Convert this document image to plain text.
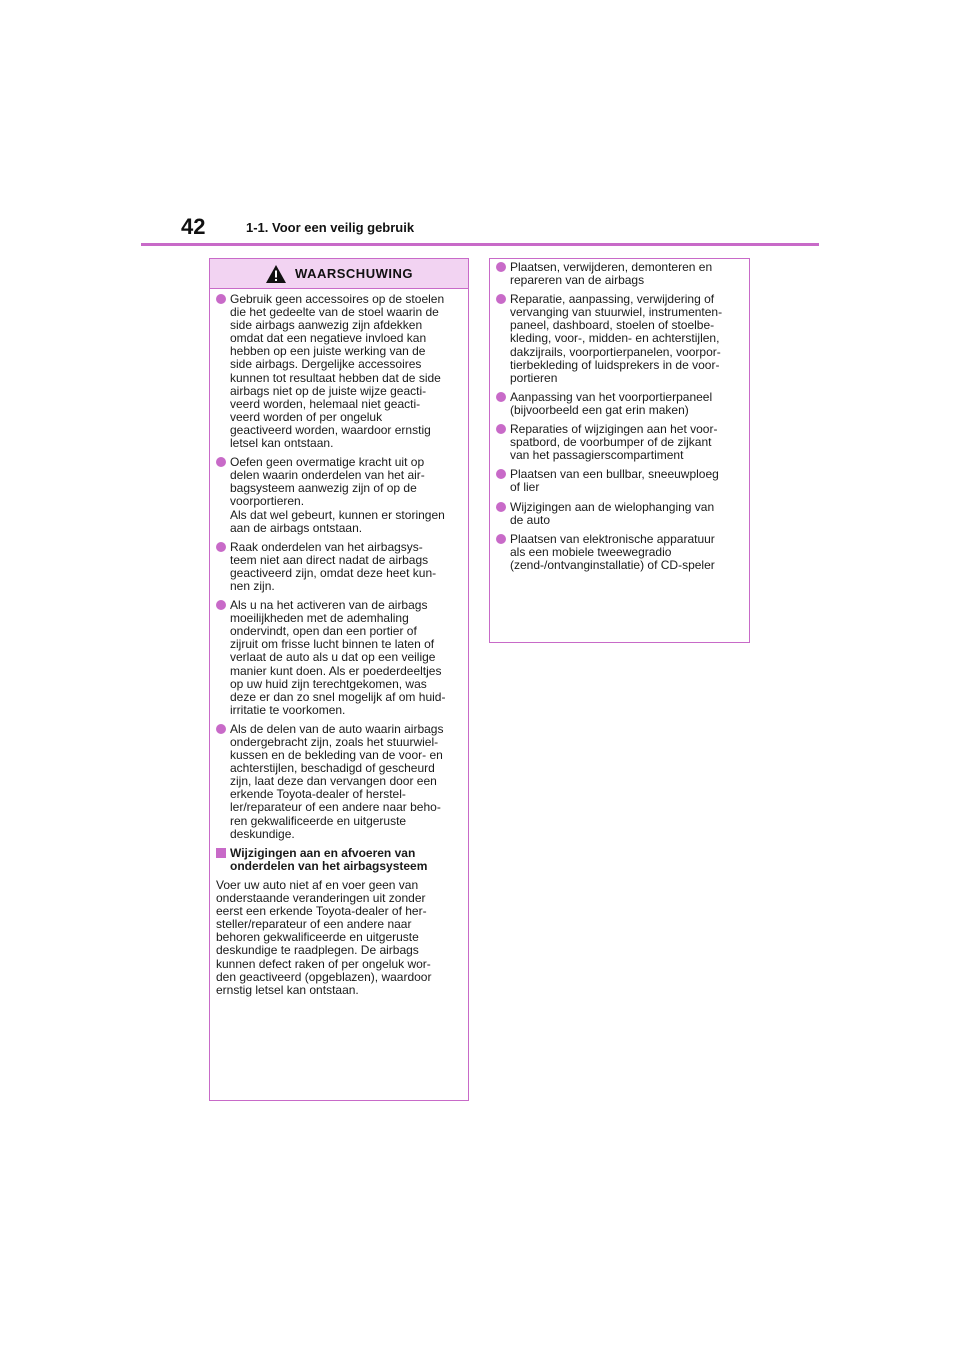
42	1-1. Voor een veilig gebruik
WAARSCHUWING
Gebruik geen accessoires op de stoelen
die het gedeelte van de stoel waarin de
side airbags aanwezig zijn afdekken
omdat dat een negatieve invloed kan
hebben op een juiste werking van de
side airbags. Dergelijke accessoires
kunnen tot resultaat hebben dat de side
airbags niet op de juiste wijze geacti-
veerd worden, helemaal niet geacti-
veerd worden of per ongeluk
geactiveerd worden, waardoor ernstig
letsel kan ontstaan.
Oefen geen overmatige kracht uit op
delen waarin onderdelen van het air-
bagsysteem aanwezig zijn of op de
voorportieren.
Als dat wel gebeurt, kunnen er storingen
aan de airbags ontstaan.
Raak onderdelen van het airbagsys-
teem niet aan direct nadat de airbags
geactiveerd zijn, omdat deze heet kun-
nen zijn.
Als u na het activeren van de airbags
moeilijkheden met de ademhaling
ondervindt, open dan een portier of
zijruit om frisse lucht binnen te laten of
verlaat de auto als u dat op een veilige
manier kunt doen. Als er poederdeeltjes
op uw huid zijn terechtgekomen, was
deze er dan zo snel mogelijk af om huid-
irritatie te voorkomen.
Als de delen van de auto waarin airbags
ondergebracht zijn, zoals het stuurwiel-
kussen en de bekleding van de voor- en
achterstijlen, beschadigd of gescheurd
zijn, laat deze dan vervangen door een
erkende Toyota-dealer of herstel-
ler/reparateur of een andere naar beho-
ren gekwalificeerde en uitgeruste
deskundige.
Wijzigingen aan en afvoeren van
onderdelen van het airbagsysteem
Voer uw auto niet af en voer geen van
onderstaande veranderingen uit zonder
eerst een erkende Toyota-dealer of her-
steller/reparateur of een andere naar
behoren gekwalificeerde en uitgeruste
deskundige te raadplegen. De airbags
kunnen defect raken of per ongeluk wor-
den geactiveerd (opgeblazen), waardoor
ernstig letsel kan ontstaan.
Plaatsen, verwijderen, demonteren en
repareren van de airbags
Reparatie, aanpassing, verwijdering of
vervanging van stuurwiel, instrumenten-
paneel, dashboard, stoelen of stoelbe-
kleding, voor-, midden- en achterstijlen,
dakzijrails, voorportierpanelen, voorpor-
tierbekleding of luidsprekers in de voor-
portieren
Aanpassing van het voorportierpaneel
(bijvoorbeeld een gat erin maken)
Reparaties of wijzigingen aan het voor-
spatbord, de voorbumper of de zijkant
van het passagierscompartiment
Plaatsen van een bullbar, sneeuwploeg
of lier
Wijzigingen aan de wielophanging van
de auto
Plaatsen van elektronische apparatuur
als een mobiele tweewegradio
(zend-/ontvanginstallatie) of CD-speler
